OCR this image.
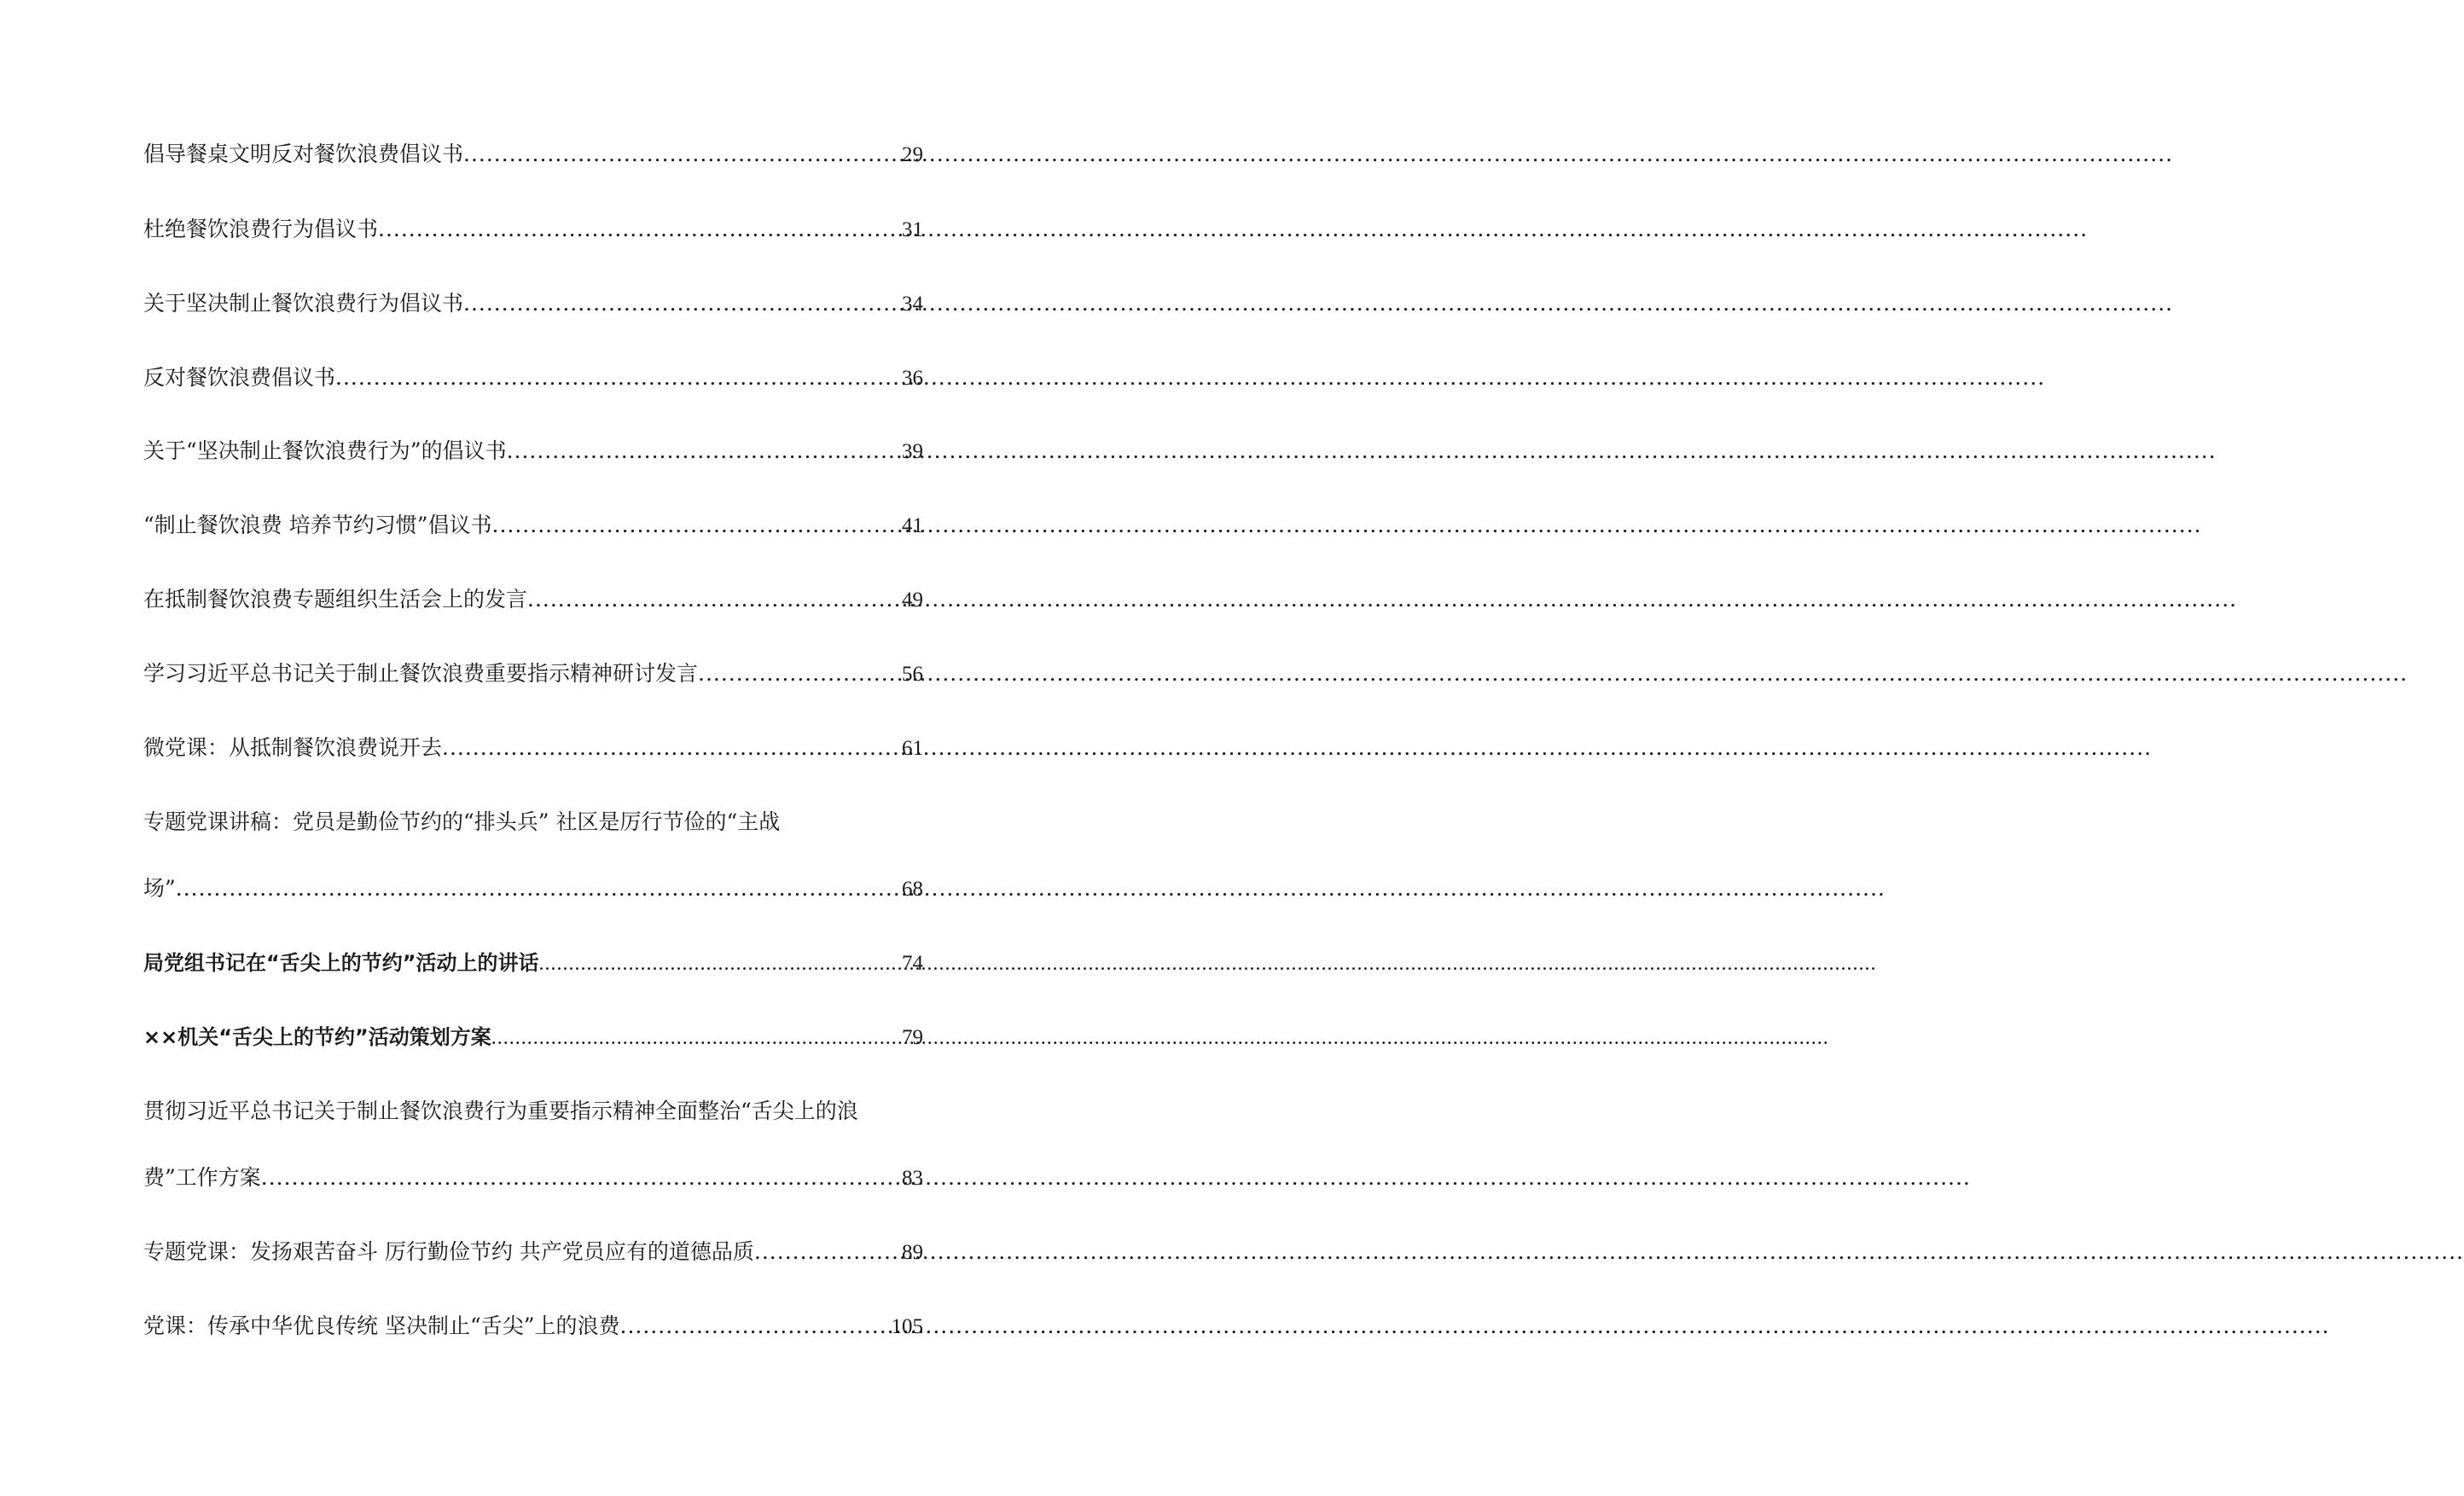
倡导餐桌文明反对餐饮浪费倡议书 .....	29
杜绝餐饮浪费行为倡议书 .....	31
关于坚决制止餐饮浪费行为倡议书 .....	34
反对餐饮浪费倡议书 .....	36
关于“坚决制止餐饮浪费行为”的倡议书 .....	39
“制止餐饮浪费 培养节约习惯”倡议书 .....	41
在抵制餐饮浪费专题组织生活会上的发言 .....	49
学习习近平总书记关于制止餐饮浪费重要指示精神研讨发言 .....	56
微党课：从抵制餐饮浪费说开去 .....	61
专题党课讲稿：党员是勤俭节约的“排头兵” 社区是厉行节俭的“主战
场” .....	68
局党组书记在“舌尖上的节约”活动上的讲话 .....	74
××机关“舌尖上的节约”活动策划方案 .....	79
贯彻习近平总书记关于制止餐饮浪费行为重要指示精神全面整治“舌尖上的浪
费”工作方案 .....	83
专题党课：发扬艰苦奋斗 厉行勤俭节约 共产党员应有的道德品质 .....	89
党课：传承中华优良传统 坚决制止“舌尖”上的浪费 .....	105
